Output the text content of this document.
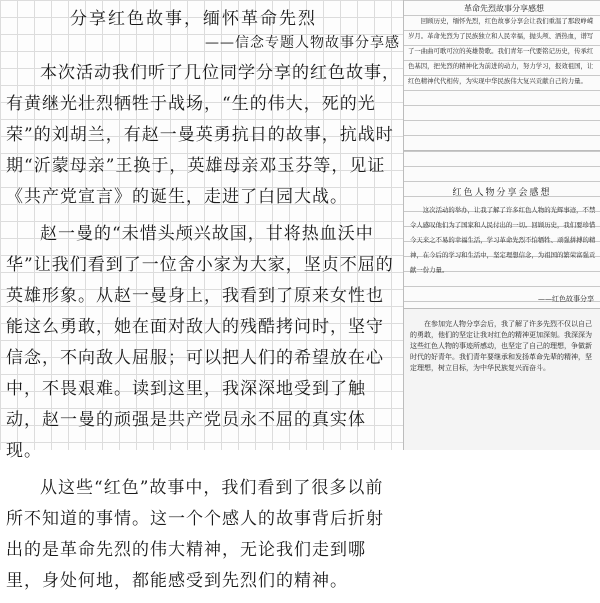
分享红色故事，缅怀革命先烈
——信念专题人物故事分享感

本次活动我们听了几位同学分享的红色故事，有黄继光壮烈牺牲于战场，“生的伟大，死的光荣”的刘胡兰，有赵一曼英勇抗日的故事，抗战时期“沂蒙母亲”王换于，英雄母亲邓玉芬等，见证《共产党宣言》的诞生，走进了白园大战。

赵一曼的“未惜头颅兴故国，甘将热血沃中华”让我们看到了一位舍小家为大家，坚贞不屈的英雄形象。从赵一曼身上，我看到了原来女性也能这么勇敢，她在面对敌人的残酷拷问时，坚守信念，不向敌人屈服；可以把人们的希望放在心中，不畏艰难。读到这里，我深深地受到了触动，赵一曼的顽强是共产党员永不屈的真实体现。

从这些“红色”故事中，我们看到了很多以前所不知道的事情。这一个个感人的故事背后折射出的是革命先烈的伟大精神，无论我们走到哪里，身处何地，都能感受到先烈们的精神。

革命先烈故事分享感想

回顾历史，缅怀先烈，红色故事分享会让我们重温了那段峥嵘岁月。革命先烈为了民族独立和人民幸福，抛头颅、洒热血，谱写了一曲曲可歌可泣的英雄赞歌。我们青年一代要铭记历史，传承红色基因，把先烈的精神化为前进的动力，努力学习，报效祖国，让红色精神代代相传，为实现中华民族伟大复兴贡献自己的力量。

红色人物分享会感想

这次活动的举办，让我了解了许多红色人物的光辉事迹，不禁令人感叹他们为了国家和人民付出的一切。回顾历史，我们要珍惜今天来之不易的幸福生活，学习革命先烈不怕牺牲、顽强拼搏的精神，在今后的学习和生活中，坚定理想信念，为祖国的繁荣富强贡献一份力量。

——红色故事分享

在参加完人物分享会后，我了解了许多先烈不仅以自己的勇敢，他们的坚定让我对红色的精神更加深刻。我深深为这些红色人物的事迹所感动，也坚定了自己的理想，争做新时代的好青年。我们青年要继承和发扬革命先辈的精神，坚定理想，树立目标，为中华民族复兴而奋斗。
